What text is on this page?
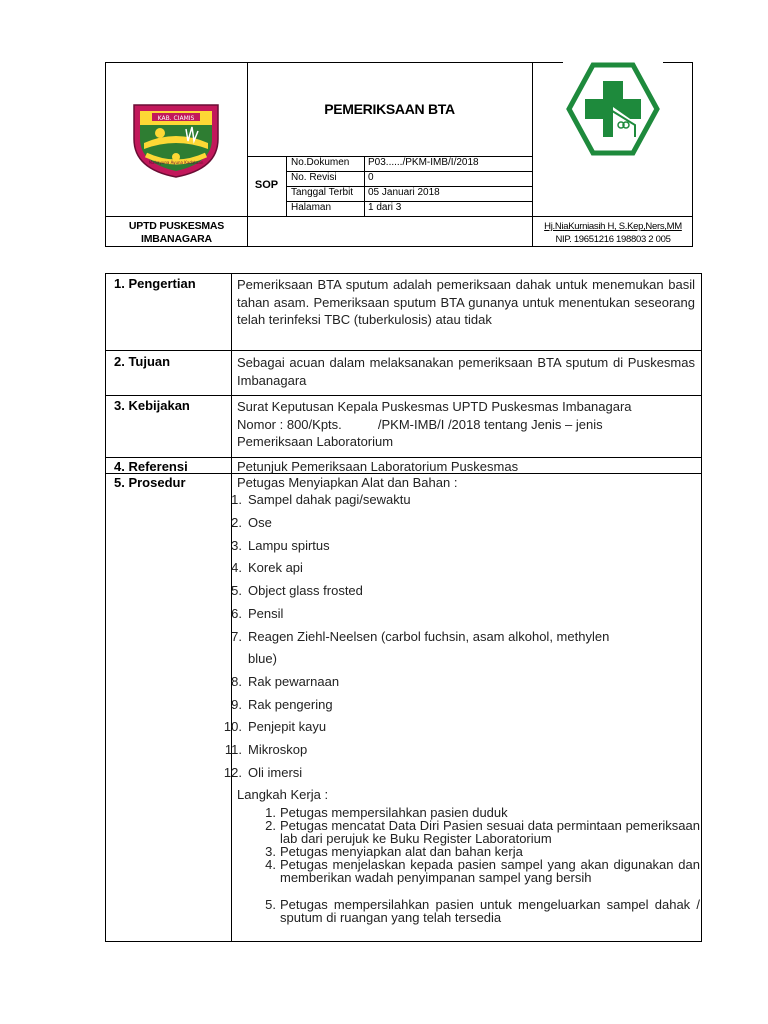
KAB. CIAMIS
Mahayuna Ayuna Kadatuan
PEMERIKSAAN BTA
SOP
No.Dokumen P03....../PKM-IMB/I/2018
No. Revisi	0
Tanggal Terbit 05 Januari 2018
Halaman	1 dari 3
UPTD PUSKESMAS
IMBANAGARA
Hj.NiaKurniasih H, S.Kep,Ners,MM
NIP. 19651216 198803 2 005
1. Pengertian	Pemeriksaan BTA sputum adalah pemeriksaan dahak untuk menemukan basil tahan asam. Pemeriksaan sputum BTA gunanya untuk menentukan seseorang telah terinfeksi TBC (tuberkulosis) atau tidak
2. Tujuan	Sebagai acuan dalam melaksanakan pemeriksaan BTA sputum di Puskesmas Imbanagara
3. Kebijakan	Surat Keputusan Kepala Puskesmas UPTD Puskesmas Imbanagara
Nomor : 800/Kpts.          /PKM-IMB/I /2018 tentang Jenis – jenis
Pemeriksaan Laboratorium
4. Referensi	Petunjuk Pemeriksaan Laboratorium Puskesmas
5. Prosedur	Petugas Menyiapkan Alat dan Bahan :
1. Sampel dahak pagi/sewaktu
2. Ose
3. Lampu spirtus
4. Korek api
5. Object glass frosted
6. Pensil
7. Reagen Ziehl-Neelsen (carbol fuchsin, asam alkohol, methylen
blue)
8. Rak pewarnaan
9. Rak pengering
10. Penjepit kayu
11. Mikroskop
12. Oli imersi
Langkah Kerja :
1. Petugas mempersilahkan pasien duduk
2. Petugas mencatat Data Diri Pasien sesuai data permintaan pemeriksaan lab dari perujuk ke Buku Register Laboratorium
3. Petugas menyiapkan alat dan bahan kerja
4. Petugas menjelaskan kepada pasien sampel yang akan digunakan dan memberikan wadah penyimpanan sampel yang bersih
5. Petugas mempersilahkan pasien untuk mengeluarkan sampel dahak / sputum di ruangan yang telah tersedia
